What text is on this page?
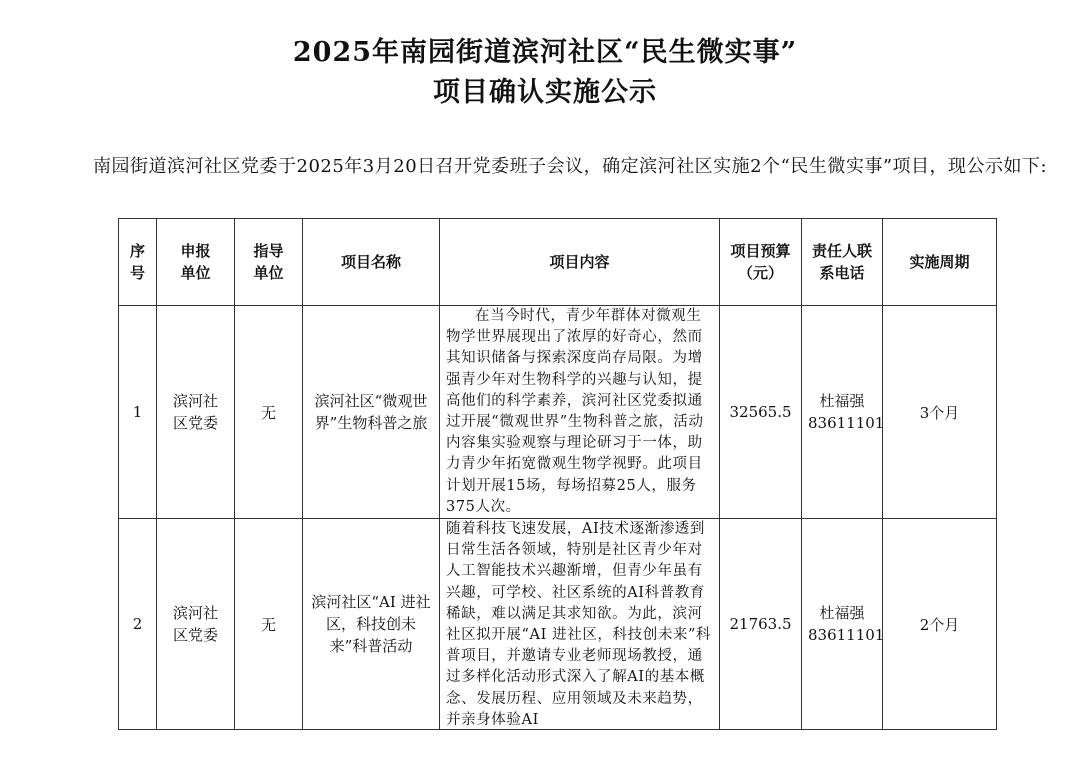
2025年南园街道滨河社区“民生微实事”
项目确认实施公示
南园街道滨河社区党委于2025年3月20日召开党委班子会议，确定滨河社区实施2个“民生微实事”项目，现公示如下:
序号	申报单位	指导单位	项目名称	项目内容	项目预算（元）	责任人联系电话	实施周期
1	滨河社区党委	无	滨河社区“微观世界”生物科普之旅	在当今时代，青少年群体对微观生物学世界展现出了浓厚的好奇心，然而其知识储备与探索深度尚存局限。为增强青少年对生物科学的兴趣与认知，提高他们的科学素养，滨河社区党委拟通过开展“微观世界”生物科普之旅，活动内容集实验观察与理论研习于一体，助力青少年拓宽微观生物学视野。此项目计划开展15场，每场招募25人，服务375人次。	32565.5	杜福强
83611101	3个月
2	滨河社区党委	无	滨河社区“AI 进社区，科技创未来”科普活动	随着科技飞速发展，AI技术逐渐渗透到日常生活各领域，特别是社区青少年对人工智能技术兴趣渐增，但青少年虽有兴趣，可学校、社区系统的AI科普教育稀缺，难以满足其求知欲。为此，滨河社区拟开展“AI 进社区，科技创未来”科普项目，并邀请专业老师现场教授，通过多样化活动形式深入了解AI的基本概念、发展历程、应用领域及未来趋势，并亲身体验AI	21763.5	杜福强
83611101	2个月
